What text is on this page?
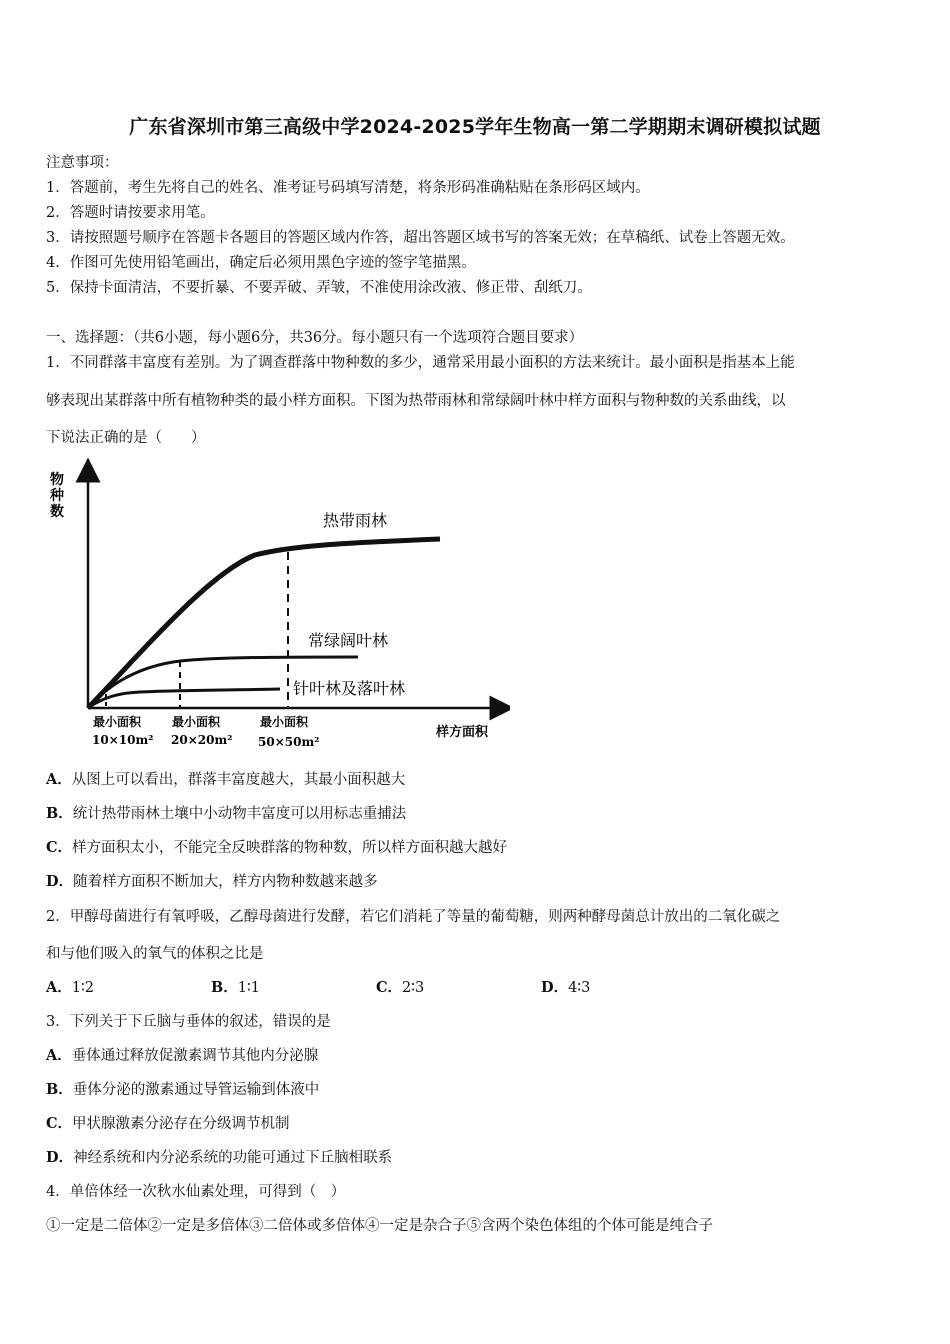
广东省深圳市第三高级中学2024-2025学年生物高一第二学期期末调研模拟试题
注意事项：
1．答题前，考生先将自己的姓名、准考证号码填写清楚，将条形码准确粘贴在条形码区域内。
2．答题时请按要求用笔。
3．请按照题号顺序在答题卡各题目的答题区域内作答，超出答题区域书写的答案无效；在草稿纸、试卷上答题无效。
4．作图可先使用铅笔画出，确定后必须用黑色字迹的签字笔描黑。
5．保持卡面清洁，不要折暴、不要弄破、弄皱，不准使用涂改液、修正带、刮纸刀。
一、选择题：（共6小题，每小题6分，共36分。每小题只有一个选项符合题目要求）
1．不同群落丰富度有差别。为了调查群落中物种数的多少，通常采用最小面积的方法来统计。最小面积是指基本上能
够表现出某群落中所有植物种类的最小样方面积。下图为热带雨林和常绿阔叶林中样方面积与物种数的关系曲线，以
下说法正确的是（　　）
物
种
数	热带雨林
常绿阔叶林
针叶林及落叶林
最小面积
10×10m²
最小面积
20×20m²
最小面积
50×50m²
样方面积
A．从图上可以看出，群落丰富度越大，其最小面积越大
B．统计热带雨林土壤中小动物丰富度可以用标志重捕法
C．样方面积太小，不能完全反映群落的物种数，所以样方面积越大越好
D．随着样方面积不断加大，样方内物种数越来越多
2．甲醇母菌进行有氧呼吸，乙醇母菌进行发酵，若它们消耗了等量的葡萄糖，则两种酵母菌总计放出的二氧化碳之
和与他们吸入的氧气的体积之比是
A．1∶2	B．1∶1	C．2∶3	D．4∶3
3．下列关于下丘脑与垂体的叙述，错误的是
A．垂体通过释放促激素调节其他内分泌腺
B．垂体分泌的激素通过导管运输到体液中
C．甲状腺激素分泌存在分级调节机制
D．神经系统和内分泌系统的功能可通过下丘脑相联系
4．单倍体经一次秋水仙素处理，可得到（　）
①一定是二倍体②一定是多倍体③二倍体或多倍体④一定是杂合子⑤含两个染色体组的个体可能是纯合子
